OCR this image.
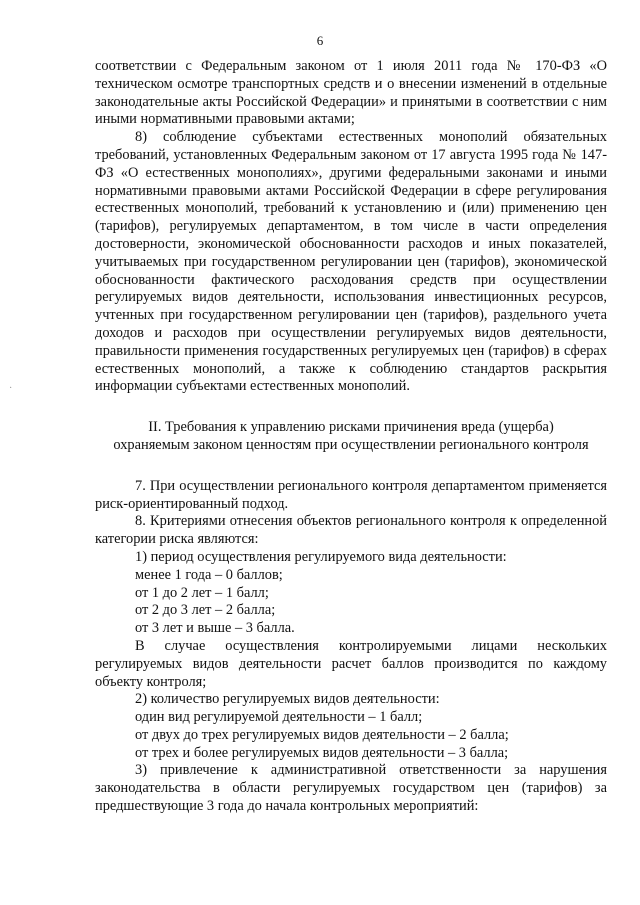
6
·

соответствии с Федеральным законом от 1 июля 2011 года № 170-ФЗ «О техническом осмотре транспортных средств и о внесении изменений в отдельные законодательные акты Российской Федерации» и принятыми в соответствии с ним иными нормативными правовыми актами;

8) соблюдение субъектами естественных монополий обязательных требований, установленных Федеральным законом от 17 августа 1995 года № 147-ФЗ «О естественных монополиях», другими федеральными законами и иными нормативными правовыми актами Российской Федерации в сфере регулирования естественных монополий, требований к установлению и (или) применению цен (тарифов), регулируемых департаментом, в том числе в части определения достоверности, экономической обоснованности расходов и иных показателей, учитываемых при государственном регулировании цен (тарифов), экономической обоснованности фактического расходования средств при осуществлении регулируемых видов деятельности, использования инвестиционных ресурсов, учтенных при государственном регулировании цен (тарифов), раздельного учета доходов и расходов при осуществлении регулируемых видов деятельности, правильности применения государственных регулируемых цен (тарифов) в сферах естественных монополий, а также к соблюдению стандартов раскрытия информации субъектами естественных монополий.

II. Требования к управлению рисками причинения вреда (ущерба)
охраняемым законом ценностям при осуществлении регионального контроля

7. При осуществлении регионального контроля департаментом применяется риск-ориентированный подход.

8. Критериями отнесения объектов регионального контроля к определенной категории риска являются:

1) период осуществления регулируемого вида деятельности:

менее 1 года – 0 баллов;

от 1 до 2 лет – 1 балл;

от 2 до 3 лет – 2 балла;

от 3 лет и выше – 3 балла.

В случае осуществления контролируемыми лицами нескольких регулируемых видов деятельности расчет баллов производится по каждому объекту контроля;

2) количество регулируемых видов деятельности:

один вид регулируемой деятельности – 1 балл;

от двух до трех регулируемых видов деятельности – 2 балла;

от трех и более регулируемых видов деятельности – 3 балла;

3) привлечение к административной ответственности за нарушения законодательства в области регулируемых государством цен (тарифов) за предшествующие 3 года до начала контрольных мероприятий:
